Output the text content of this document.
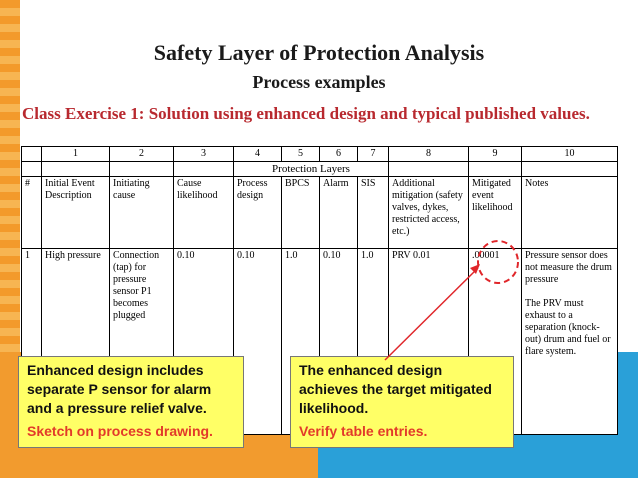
Safety Layer of Protection Analysis
Process examples
Class Exercise 1: Solution using enhanced design and typical published values.
	1	2	3	4	5	6	7	8	9	10
				Protection Layers						
#	Initial Event Description	Initiating cause	Cause likelihood	Process design	BPCS	Alarm	SIS	Additional mitigation (safety valves, dykes, restricted access, etc.)	Mitigated event likelihood	Notes
1	High pressure	Connection (tap) for pressure sensor P1 becomes plugged	0.10	0.10	1.0	0.10	1.0	PRV 0.01	.00001	Pressure sensor does not measure the drum pressure

The PRV must exhaust to a separation (knock-out) drum and fuel or flare system.
Enhanced design includes separate P sensor for alarm and a pressure relief valve.
Sketch on process drawing.
The enhanced design achieves the target mitigated likelihood.
Verify table entries.
